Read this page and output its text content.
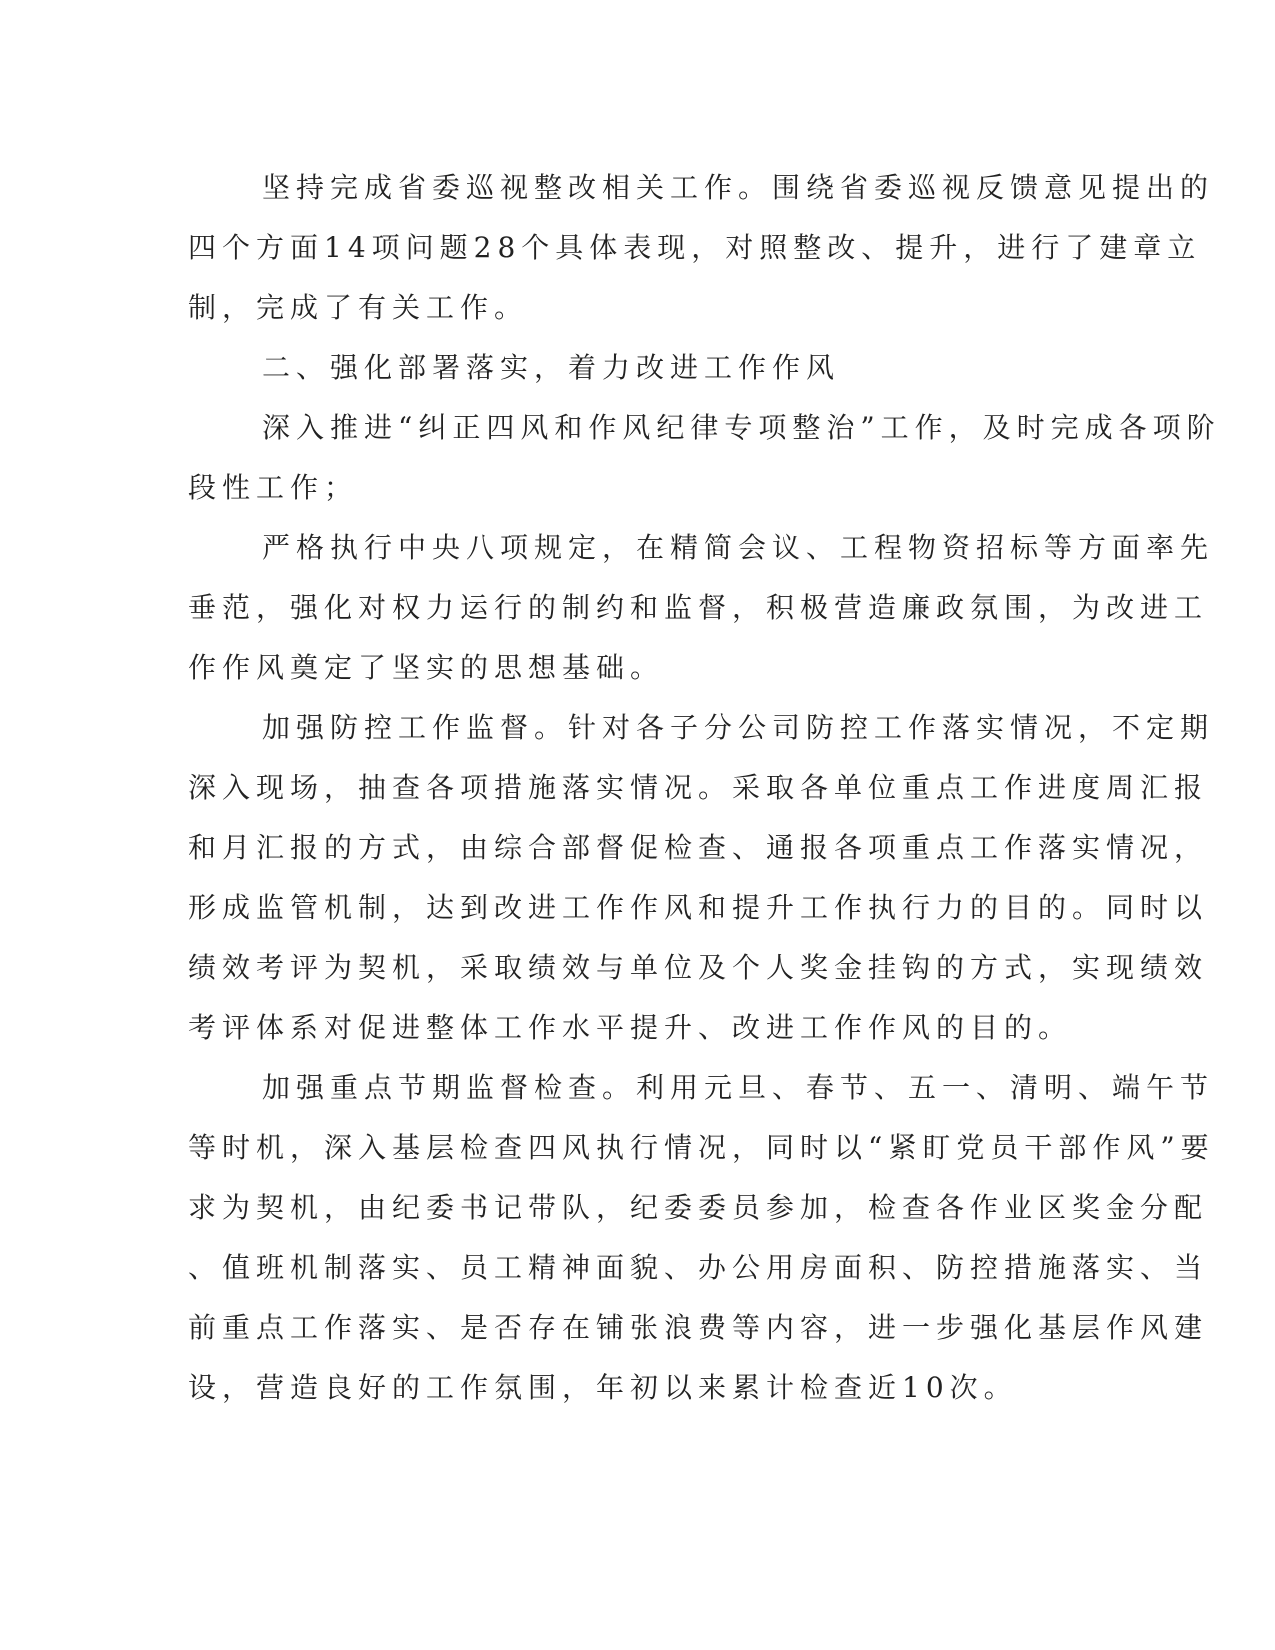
坚持完成省委巡视整改相关工作。围绕省委巡视反馈意见提出的
四个方面14项问题28个具体表现，对照整改、提升，进行了建章立
制，完成了有关工作。
二、强化部署落实，着力改进工作作风
深入推进“纠正四风和作风纪律专项整治”工作，及时完成各项阶
段性工作；
严格执行中央八项规定，在精简会议、工程物资招标等方面率先
垂范，强化对权力运行的制约和监督，积极营造廉政氛围，为改进工
作作风奠定了坚实的思想基础。
加强防控工作监督。针对各子分公司防控工作落实情况，不定期
深入现场，抽查各项措施落实情况。采取各单位重点工作进度周汇报
和月汇报的方式，由综合部督促检查、通报各项重点工作落实情况，
形成监管机制，达到改进工作作风和提升工作执行力的目的。同时以
绩效考评为契机，采取绩效与单位及个人奖金挂钩的方式，实现绩效
考评体系对促进整体工作水平提升、改进工作作风的目的。
加强重点节期监督检查。利用元旦、春节、五一、清明、端午节
等时机，深入基层检查四风执行情况，同时以“紧盯党员干部作风”要
求为契机，由纪委书记带队，纪委委员参加，检查各作业区奖金分配
、值班机制落实、员工精神面貌、办公用房面积、防控措施落实、当
前重点工作落实、是否存在铺张浪费等内容，进一步强化基层作风建
设，营造良好的工作氛围，年初以来累计检查近10次。
